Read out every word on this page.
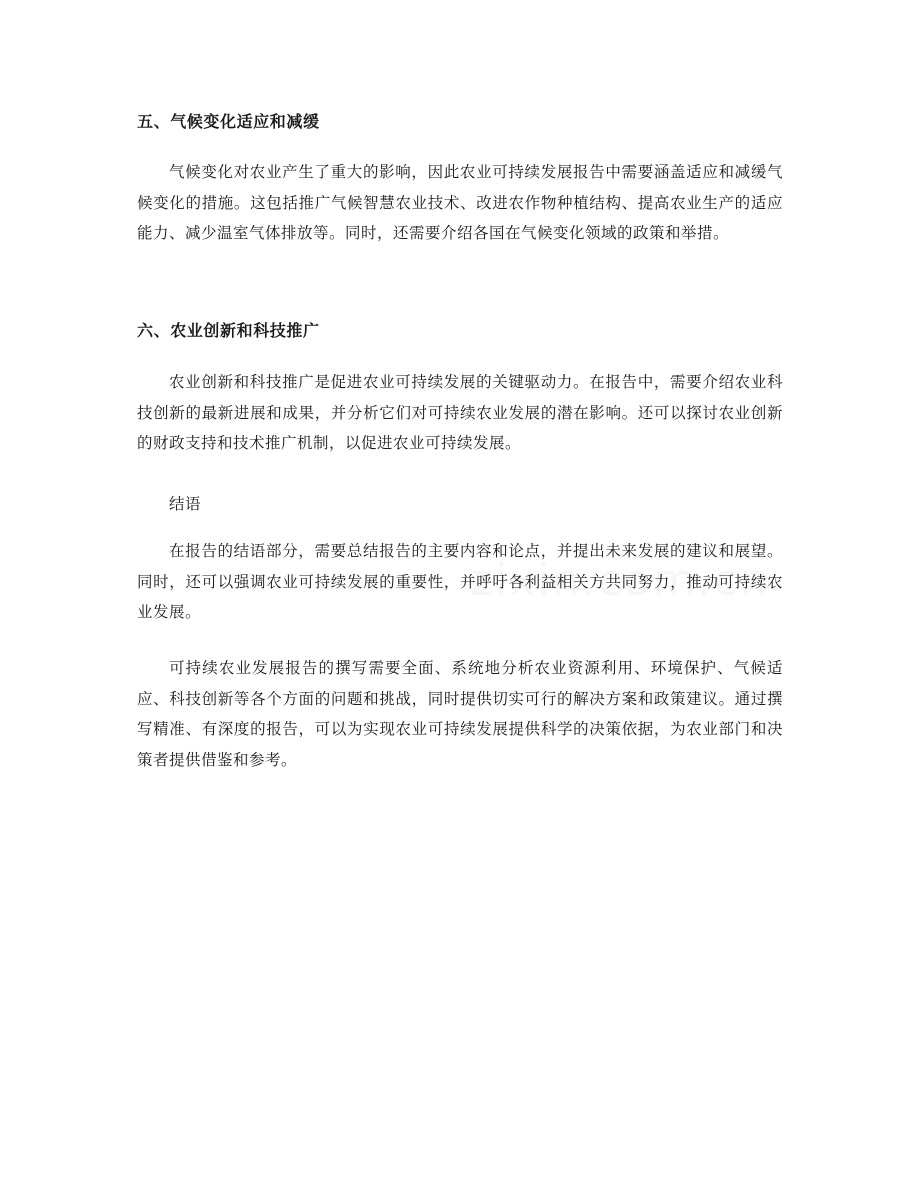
五、气候变化适应和减缓

气候变化对农业产生了重大的影响，因此农业可持续发展报告中需要涵盖适应和减缓气候变化的措施。这包括推广气候智慧农业技术、改进农作物种植结构、提高农业生产的适应能力、减少温室气体排放等。同时，还需要介绍各国在气候变化领域的政策和举措。

六、农业创新和科技推广

农业创新和科技推广是促进农业可持续发展的关键驱动力。在报告中，需要介绍农业科技创新的最新进展和成果，并分析它们对可持续农业发展的潜在影响。还可以探讨农业创新的财政支持和技术推广机制，以促进农业可持续发展。

结语

在报告的结语部分，需要总结报告的主要内容和论点，并提出未来发展的建议和展望。同时，还可以强调农业可持续发展的重要性，并呼吁各利益相关方共同努力，推动可持续农业发展。

可持续农业发展报告的撰写需要全面、系统地分析农业资源利用、环境保护、气候适应、科技创新等各个方面的问题和挑战，同时提供切实可行的解决方案和政策建议。通过撰写精准、有深度的报告，可以为实现农业可持续发展提供科学的决策依据，为农业部门和决策者提供借鉴和参考。
